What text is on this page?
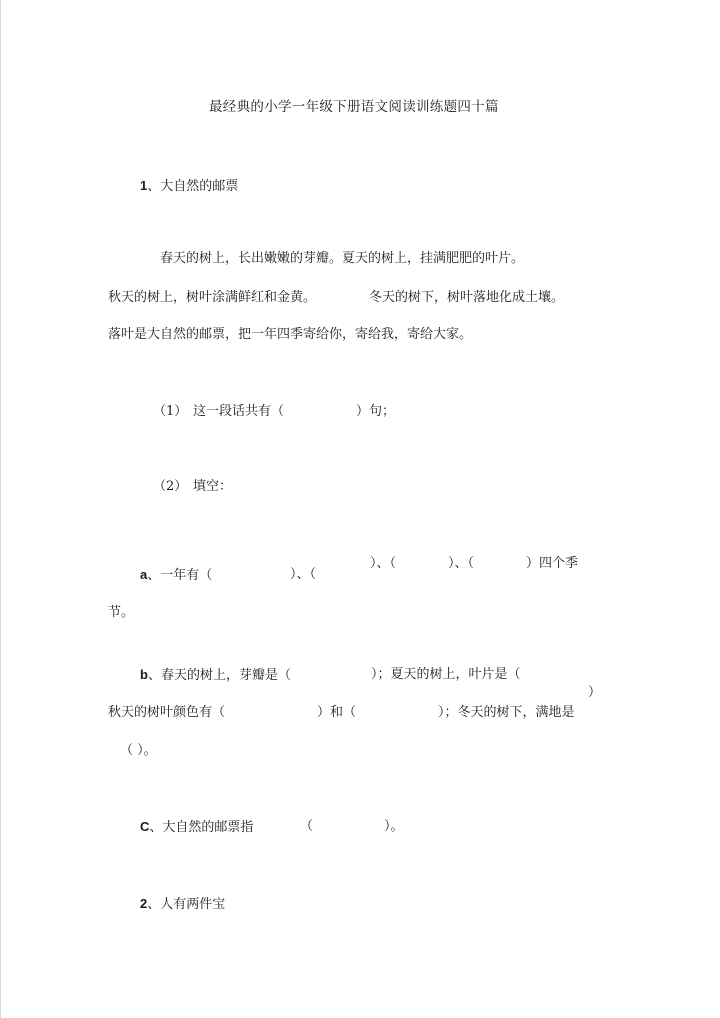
最经典的小学一年级下册语文阅读训练题四十篇
1、大自然的邮票
春天的树上，长出嫩嫩的芽瓣。夏天的树上，挂满肥肥的叶片。
秋天的树上，树叶涂满鲜红和金黄。	冬天的树下，树叶落地化成土壤。
落叶是大自然的邮票，把一年四季寄给你，寄给我，寄给大家。
（1） 这一段话共有（	）句；
（2） 填空：
）、（　　　　）、（　　　　）四个季
a、一年有（	）、（
节。
b、春天的树上，芽瓣是（	）；夏天的树上，叶片是（
）
秋天的树叶颜色有（	）和（	）；冬天的树下，满地是
（ ）。
C、大自然的邮票指	（	）。
2、人有两件宝
